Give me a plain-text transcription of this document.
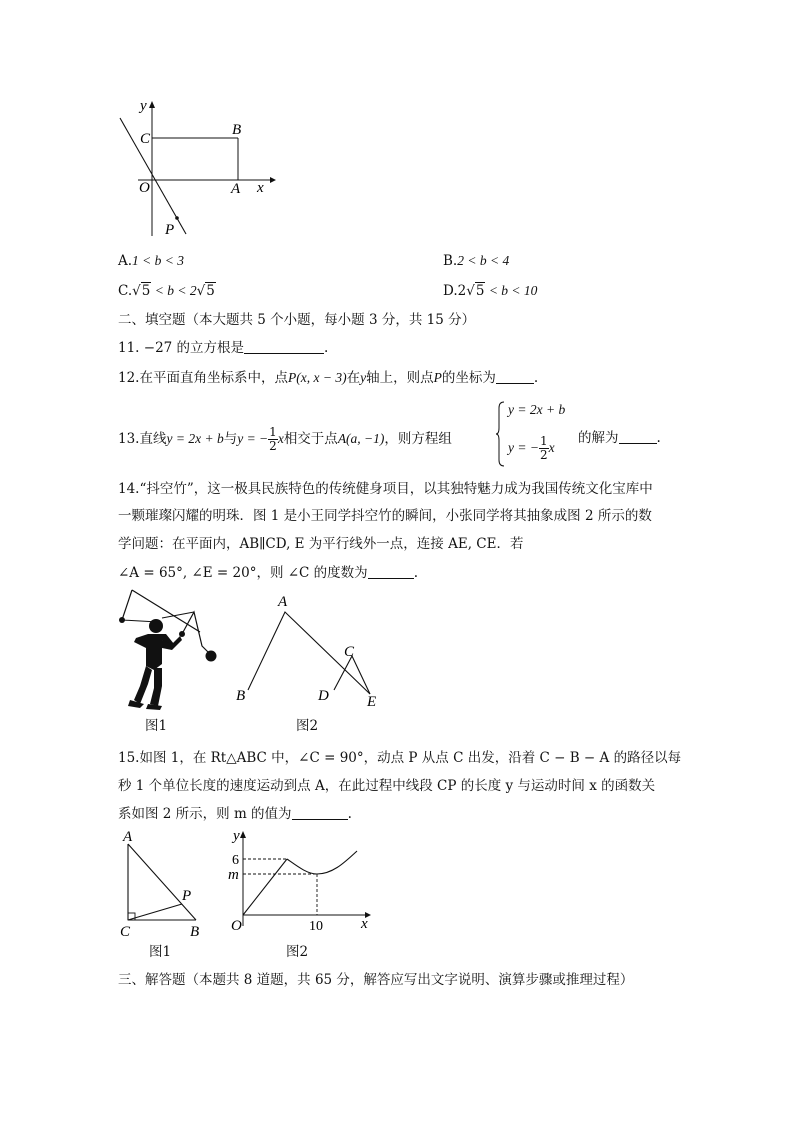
y
C
B
O	A x
P
A.1 < b < 3	B.2 < b < 4
C.√5 < b < 2√5	D.2√5 < b < 10
二、填空题（本大题共 5 个小题，每小题 3 分，共 15 分）
11. −27 的立方根是	.
12.在平面直角坐标系中，点P(x, x − 3)在y轴上，则点P的坐标为	.
13.直线y = 2x + b与y = − $\frac{1}{2}$ x相交于点A(a, −1)，则方程组
y = 2x + b
y = − $\frac{1}{2}$ x
的解为	.
14.“抖空竹”，这一极具民族特色的传统健身项目，以其独特魅力成为我国传统文化宝库中
一颗璀璨闪耀的明珠．图 1 是小王同学抖空竹的瞬间，小张同学将其抽象成图 2 所示的数
学问题：在平面内，AB∥CD, E 为平行线外一点，连接 AE, CE．若
∠A = 65°, ∠E = 20°，则 ∠C 的度数为	.
图1
A
B
C
D	E
图2
15.如图 1，在 Rt△ABC 中，∠C = 90°，动点 P 从点 C 出发，沿着 C − B − A 的路径以每
秒 1 个单位长度的速度运动到点 A，在此过程中线段 CP 的长度 y 与运动时间 x 的函数关
系如图 2 所示，则 m 的值为	.
A
P
C	B
图1
y
x
O
6
m
10
图2
三、解答题（本题共 8 道题，共 65 分，解答应写出文字说明、演算步骤或推理过程）
